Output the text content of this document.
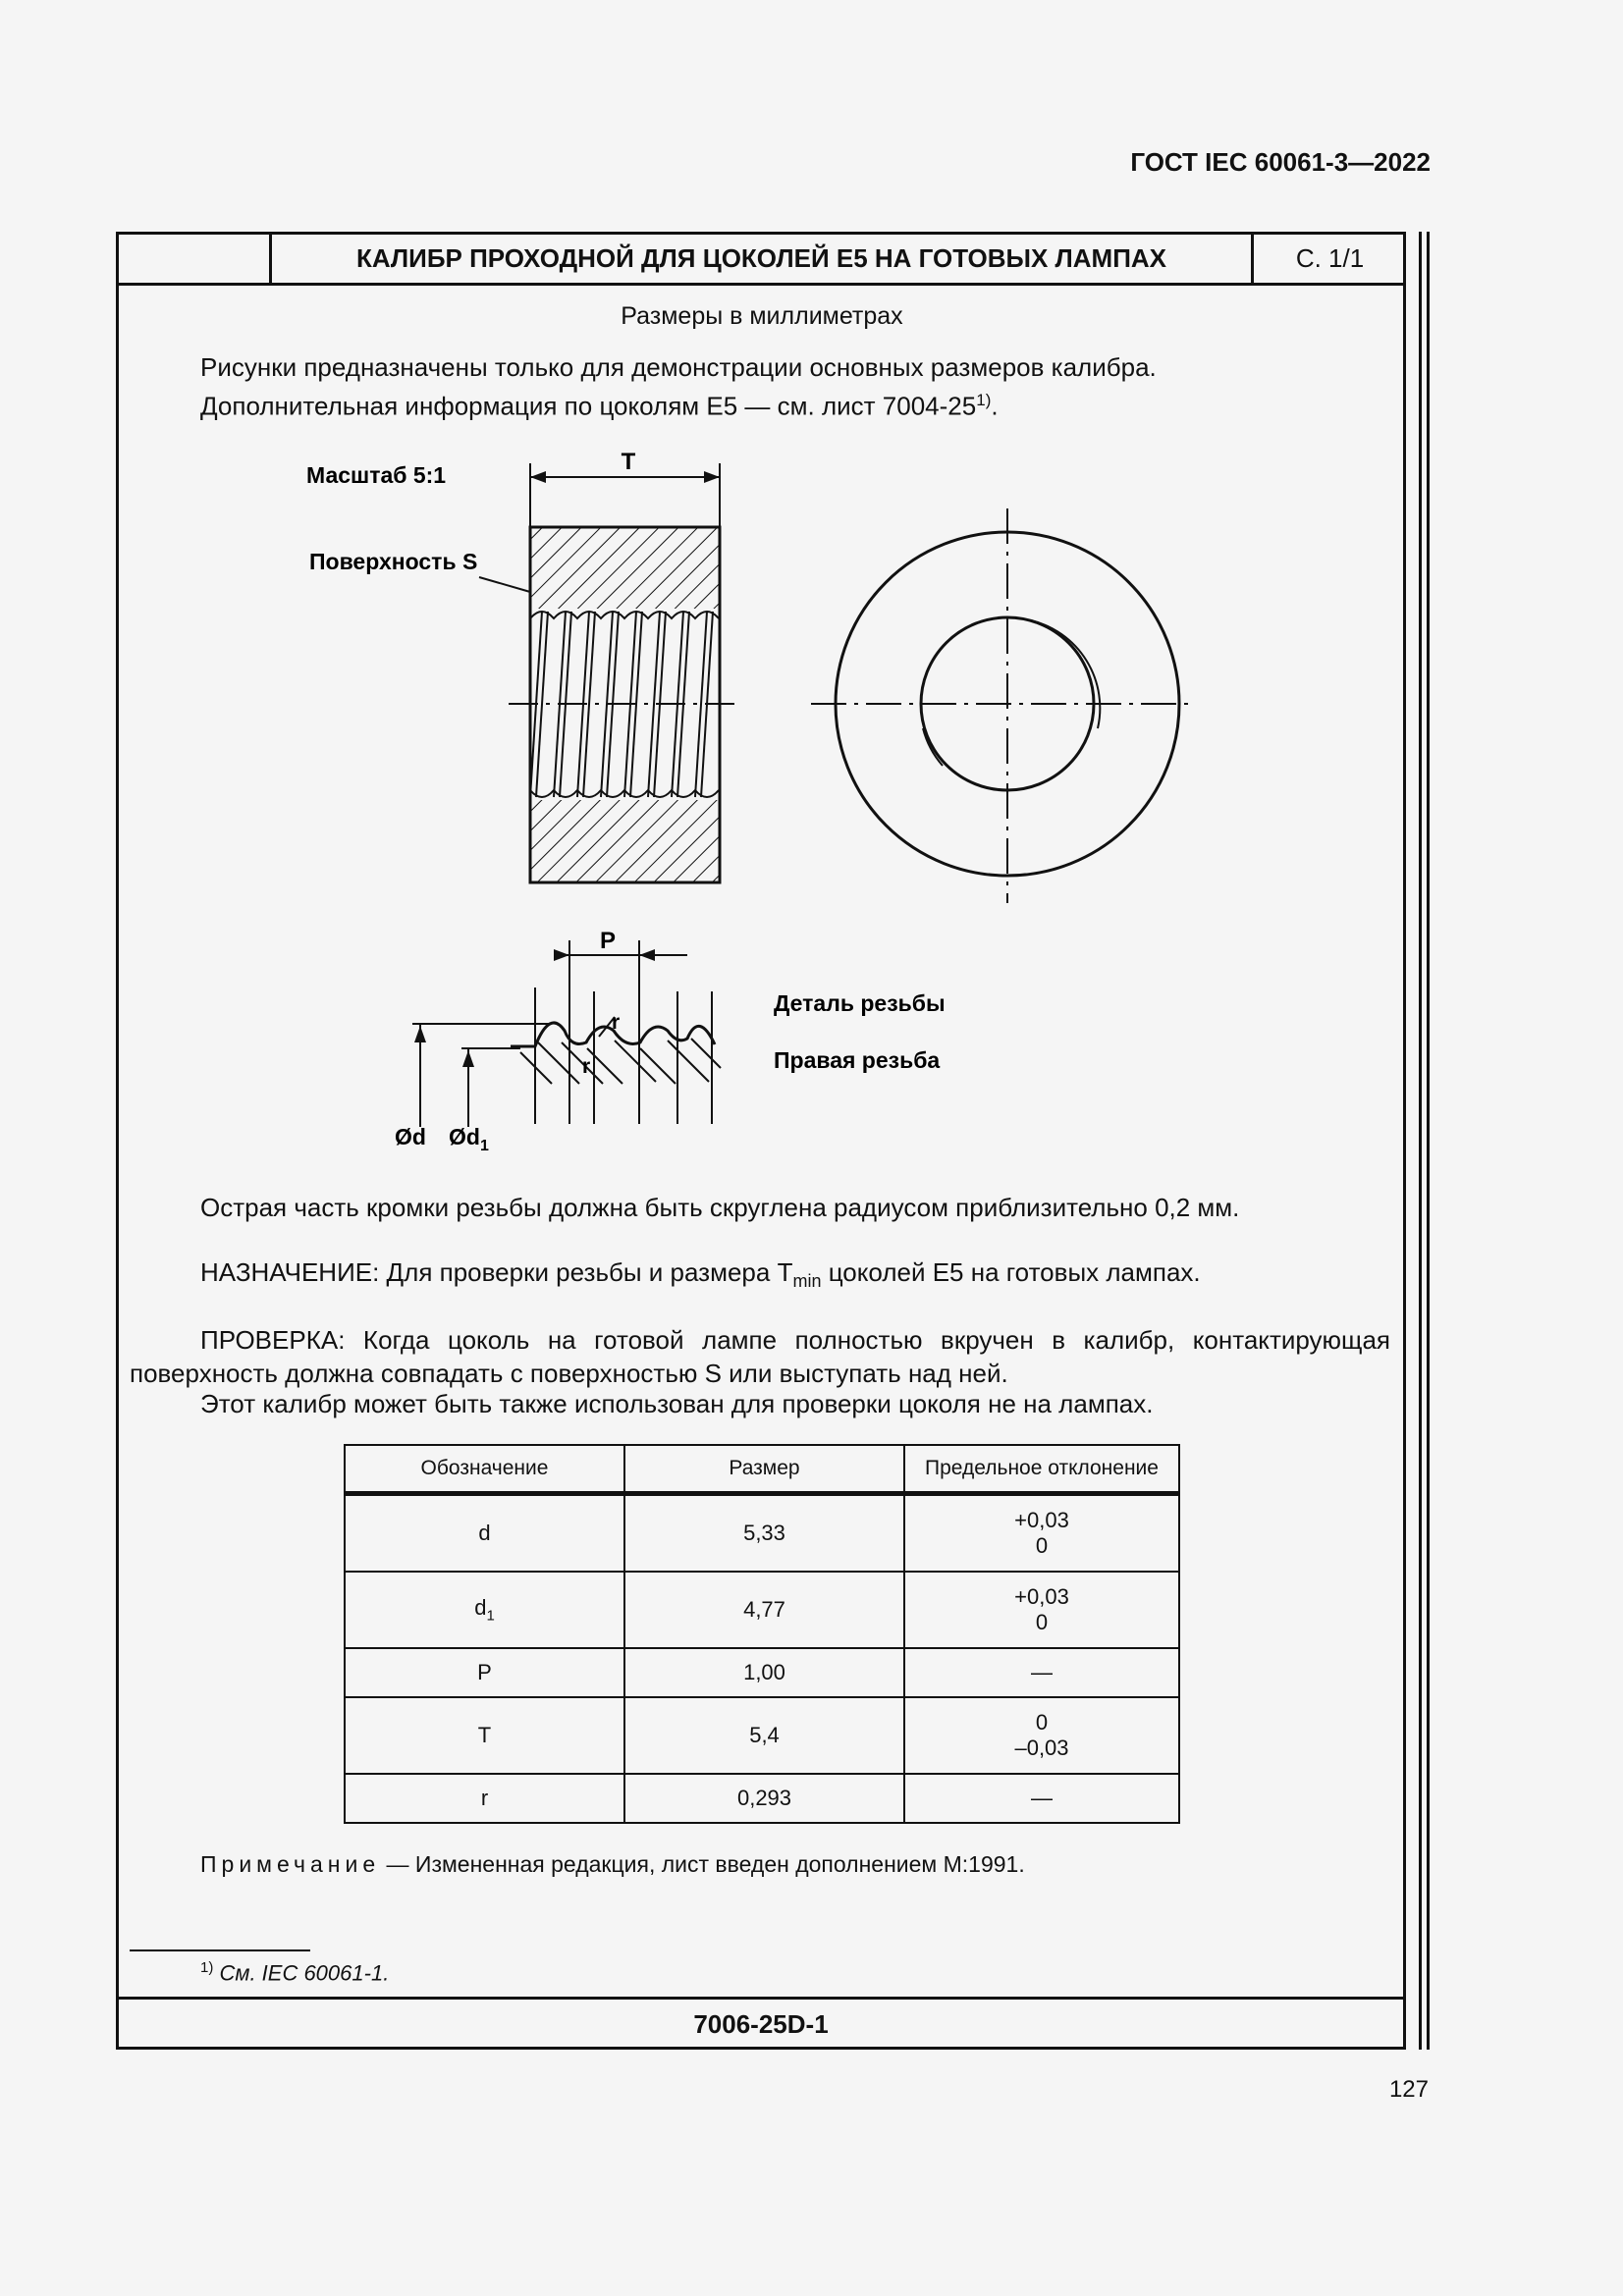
ГОСТ IEC 60061-3—2022
КАЛИБР ПРОХОДНОЙ ДЛЯ ЦОКОЛЕЙ Е5 НА ГОТОВЫХ ЛАМПАХ	С. 1/1
Размеры в миллиметрах
Рисунки предназначены только для демонстрации основных размеров калибра.
Дополнительная информация по цоколям Е5 — см. лист 7004-25$^{1)}$.
Масштаб 5:1
Поверхность S
T
P
r
r
Деталь резьбы
Правая резьба
Ød $Ød_1$
Острая часть кромки резьбы должна быть скруглена радиусом приблизительно 0,2 мм.
НАЗНАЧЕНИЕ: Для проверки резьбы и размера $T_{min}$ цоколей Е5 на готовых лампах.
ПРОВЕРКА: Когда цоколь на готовой лампе полностью вкручен в калибр, контактирующая
поверхность должна совпадать с поверхностью S или выступать над ней.
Этот калибр может быть также использован для проверки цоколя не на лампах.
Обозначение	Размер	Предельное отклонение
d	5,33	+0,03
0

$d_1$	4,77	+0,03
0

P	1,00	—
T	5,4	0
–0,03

r	0,293	—
Примечание — Измененная редакция, лист введен дополнением М:1991.
$^{1)}$ См. IEC 60061-1.
7006-25D-1
127
